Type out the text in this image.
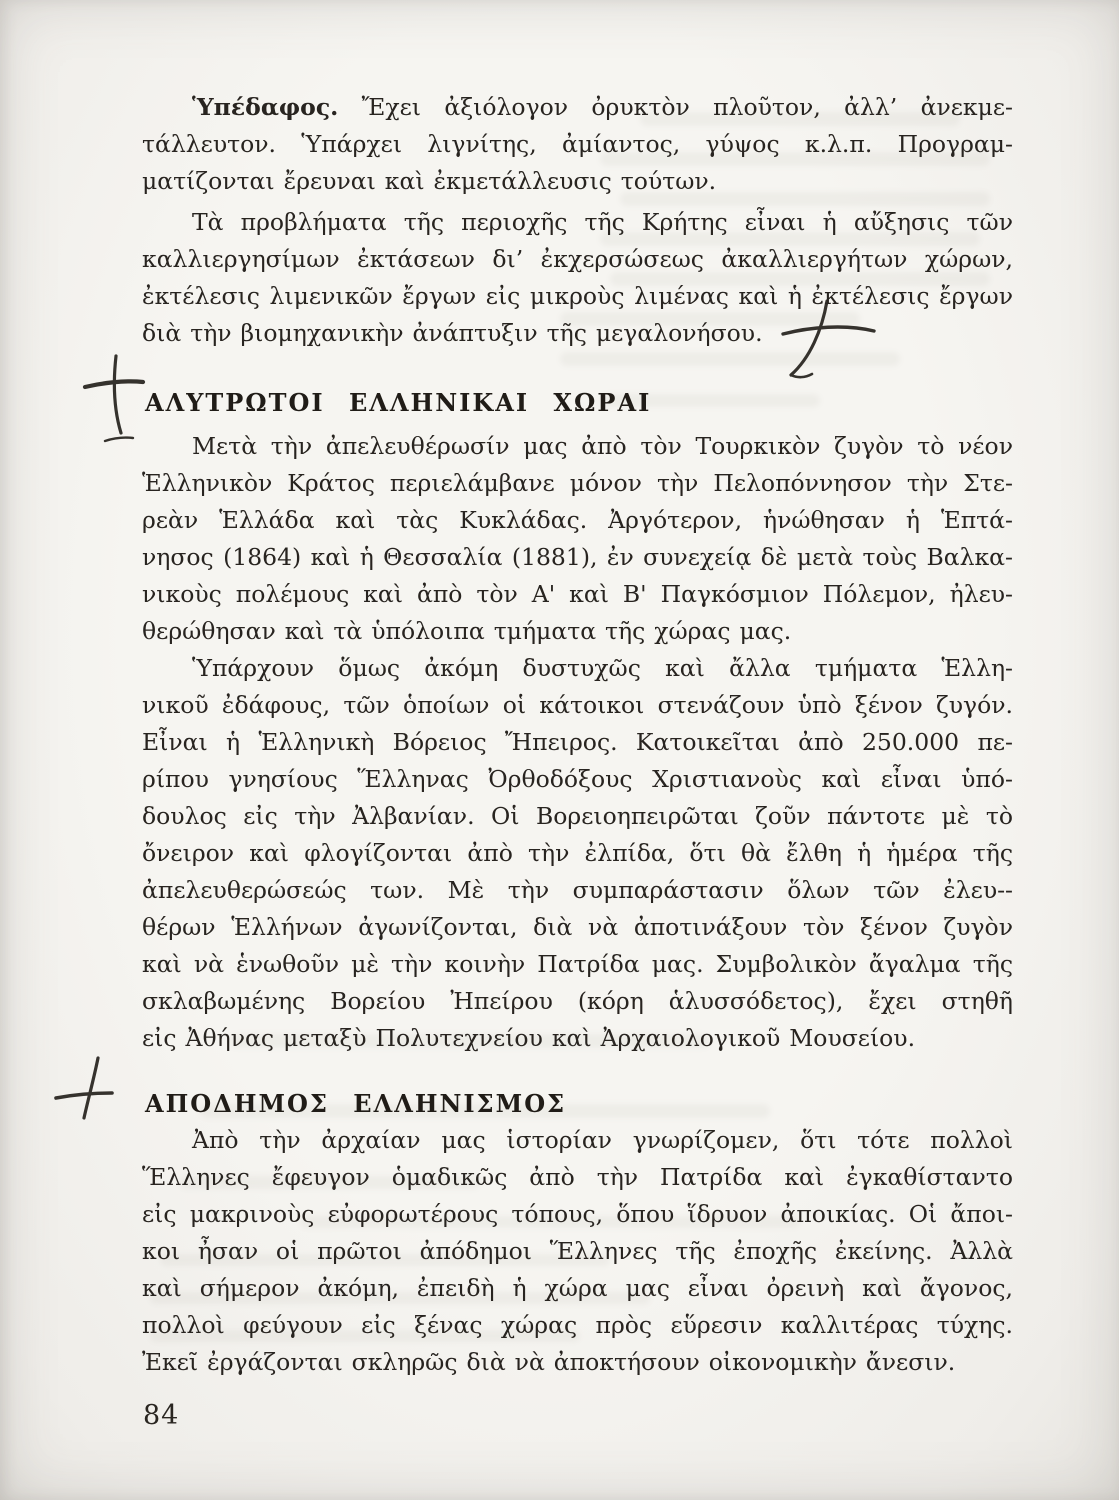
Ὑπέδαφος. Ἔχει ἀξιόλογον ὀρυκτὸν πλοῦτον, ἀλλ’ ἀνεκμε-
τάλλευτον. Ὑπάρχει λιγνίτης, ἀμίαντος, γύψος κ.λ.π. Προγραμ-
ματίζονται ἔρευναι καὶ ἐκμετάλλευσις τούτων.
Τὰ προβλήματα τῆς περιοχῆς τῆς Κρήτης εἶναι ἡ αὔξησις τῶν
καλλιεργησίμων ἐκτάσεων δι’ ἐκχερσώσεως ἀκαλλιεργήτων χώρων,
ἐκτέλεσις λιμενικῶν ἔργων εἰς μικροὺς λιμένας καὶ ἡ ἐκτέλεσις ἔργων
διὰ τὴν βιομηχανικὴν ἀνάπτυξιν τῆς μεγαλονήσου.
ΑΛΥΤΡΩΤΟΙ ΕΛΛΗΝΙΚΑΙ ΧΩΡΑΙ
Μετὰ τὴν ἀπελευθέρωσίν μας ἀπὸ τὸν Τουρκικὸν ζυγὸν τὸ νέον
Ἑλληνικὸν Κράτος περιελάμβανε μόνον τὴν Πελοπόννησον τὴν Στε-
ρεὰν Ἑλλάδα καὶ τὰς Κυκλάδας. Ἀργότερον, ἡνώθησαν ἡ Ἑπτά-
νησος (1864) καὶ ἡ Θεσσαλία (1881), ἐν συνεχείᾳ δὲ μετὰ τοὺς Βαλκα-
νικοὺς πολέμους καὶ ἀπὸ τὸν Α' καὶ Β' Παγκόσμιον Πόλεμον, ἠλευ-
θερώθησαν καὶ τὰ ὑπόλοιπα τμήματα τῆς χώρας μας.
Ὑπάρχουν ὅμως ἀκόμη δυστυχῶς καὶ ἄλλα τμήματα Ἑλλη-
νικοῦ ἐδάφους, τῶν ὁποίων οἱ κάτοικοι στενάζουν ὑπὸ ξένον ζυγόν.
Εἶναι ἡ Ἑλληνικὴ Βόρειος Ἤπειρος. Κατοικεῖται ἀπὸ 250.000 πε-
ρίπου γνησίους Ἕλληνας Ὀρθοδόξους Χριστιανοὺς καὶ εἶναι ὑπό-
δουλος εἰς τὴν Ἀλβανίαν. Οἱ Βορειοηπειρῶται ζοῦν πάντοτε μὲ τὸ
ὄνειρον καὶ φλογίζονται ἀπὸ τὴν ἐλπίδα, ὅτι θὰ ἔλθη ἡ ἡμέρα τῆς
ἀπελευθερώσεώς των. Μὲ τὴν συμπαράστασιν ὅλων τῶν ἐλευ--
θέρων Ἑλλήνων ἀγωνίζονται, διὰ νὰ ἀποτινάξουν τὸν ξένον ζυγὸν
καὶ νὰ ἑνωθοῦν μὲ τὴν κοινὴν Πατρίδα μας. Συμβολικὸν ἄγαλμα τῆς
σκλαβωμένης Βορείου Ἠπείρου (κόρη ἁλυσσόδετος), ἔχει στηθῆ
εἰς Ἀθήνας μεταξὺ Πολυτεχνείου καὶ Ἀρχαιολογικοῦ Μουσείου.
ΑΠΟΔΗΜΟΣ ΕΛΛΗΝΙΣΜΟΣ
Ἀπὸ τὴν ἀρχαίαν μας ἱστορίαν γνωρίζομεν, ὅτι τότε πολλοὶ
Ἕλληνες ἔφευγον ὁμαδικῶς ἀπὸ τὴν Πατρίδα καὶ ἐγκαθίσταντο
εἰς μακρινοὺς εὐφορωτέρους τόπους, ὅπου ἵδρυον ἀποικίας. Οἱ ἄποι-
κοι ἦσαν οἱ πρῶτοι ἀπόδημοι Ἕλληνες τῆς ἐποχῆς ἐκείνης. Ἀλλὰ
καὶ σήμερον ἀκόμη, ἐπειδὴ ἡ χώρα μας εἶναι ὀρεινὴ καὶ ἄγονος,
πολλοὶ φεύγουν εἰς ξένας χώρας πρὸς εὕρεσιν καλλιτέρας τύχης.
Ἐκεῖ ἐργάζονται σκληρῶς διὰ νὰ ἀποκτήσουν οἰκονομικὴν ἄνεσιν.
84
